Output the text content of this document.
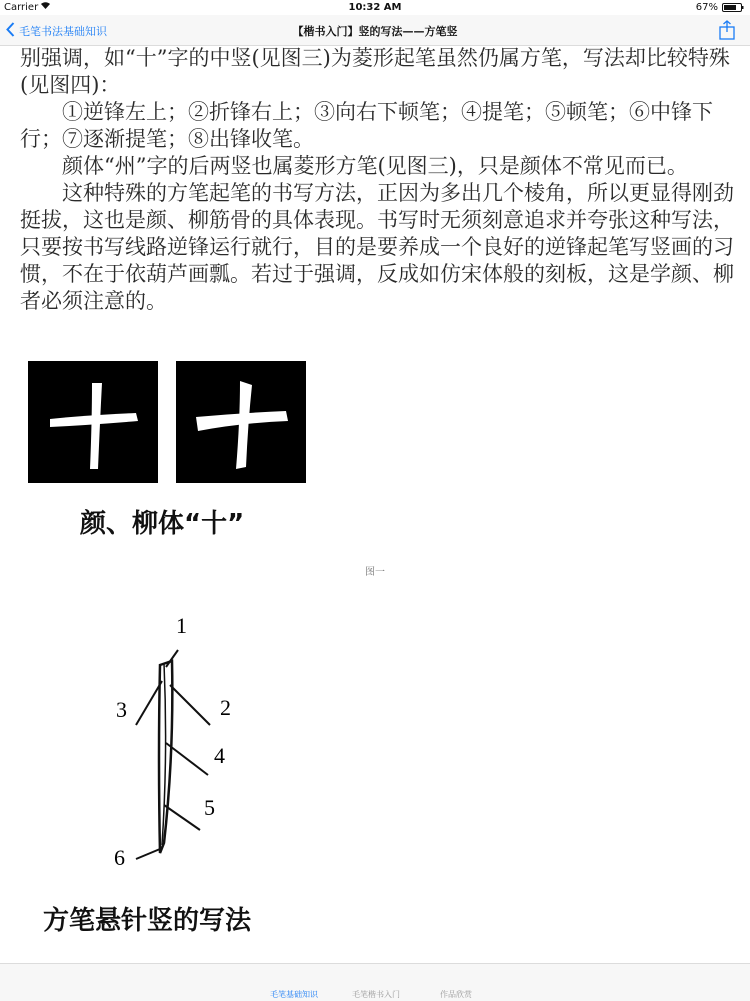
Carrier	10:32 AM	67%
毛笔书法基础知识	【楷书入门】竖的写法——方笔竖

别强调，如“十”字的中竖(见图三)为菱形起笔虽然仍属方笔，写法却比较特殊(见图四)：

①逆锋左上；②折锋右上；③向右下顿笔；④提笔；⑤顿笔；⑥中锋下行；⑦逐渐提笔；⑧出锋收笔。

颜体“州”字的后两竖也属菱形方笔(见图三)，只是颜体不常见而已。

这种特殊的方笔起笔的书写方法，正因为多出几个棱角，所以更显得刚劲挺拔，这也是颜、柳筋骨的具体表现。书写时无须刻意追求并夸张这种写法，只要按书写线路逆锋运行就行，目的是要养成一个良好的逆锋起笔写竖画的习惯，不在于依葫芦画瓢。若过于强调，反成如仿宋体般的刻板，这是学颜、柳者必须注意的。

颜、柳体“十”
图一
1
2
3
4
5
6
方笔悬针竖的写法
毛笔基础知识	毛笔楷书入门	作品欣赏
